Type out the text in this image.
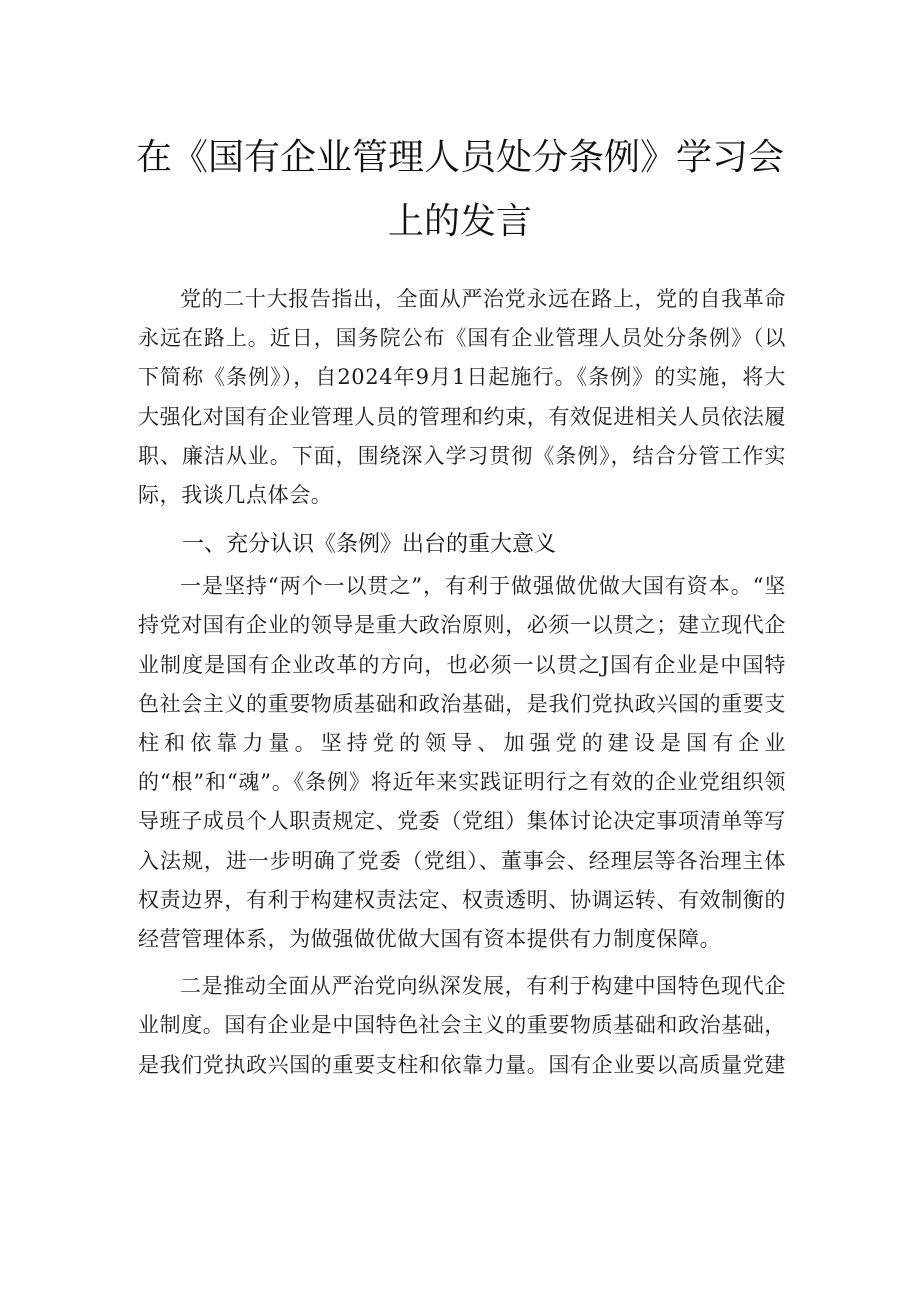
在《国有企业管理人员处分条例》学习会
上的发言

党的二十大报告指出，全面从严治党永远在路上，党的自我革命永远在路上。近日，国务院公布《国有企业管理人员处分条例》（以下简称《条例》），自2024年9月1日起施行。《条例》的实施，将大大强化对国有企业管理人员的管理和约束，有效促进相关人员依法履职、廉洁从业。下面，围绕深入学习贯彻《条例》，结合分管工作实际，我谈几点体会。

一、充分认识《条例》出台的重大意义

一是坚持“两个一以贯之”，有利于做强做优做大国有资本。“坚持党对国有企业的领导是重大政治原则，必须一以贯之；建立现代企业制度是国有企业改革的方向，也必须一以贯之J国有企业是中国特色社会主义的重要物质基础和政治基础，是我们党执政兴国的重要支柱和依靠力量。坚持党的领导、加强党的建设是国有企业的“根”和“魂”。《条例》将近年来实践证明行之有效的企业党组织领导班子成员个人职责规定、党委（党组）集体讨论决定事项清单等写入法规，进一步明确了党委（党组）、董事会、经理层等各治理主体权责边界，有利于构建权责法定、权责透明、协调运转、有效制衡的经营管理体系，为做强做优做大国有资本提供有力制度保障。

二是推动全面从严治党向纵深发展，有利于构建中国特色现代企业制度。国有企业是中国特色社会主义的重要物质基础和政治基础，是我们党执政兴国的重要支柱和依靠力量。国有企业要以高质量党建
